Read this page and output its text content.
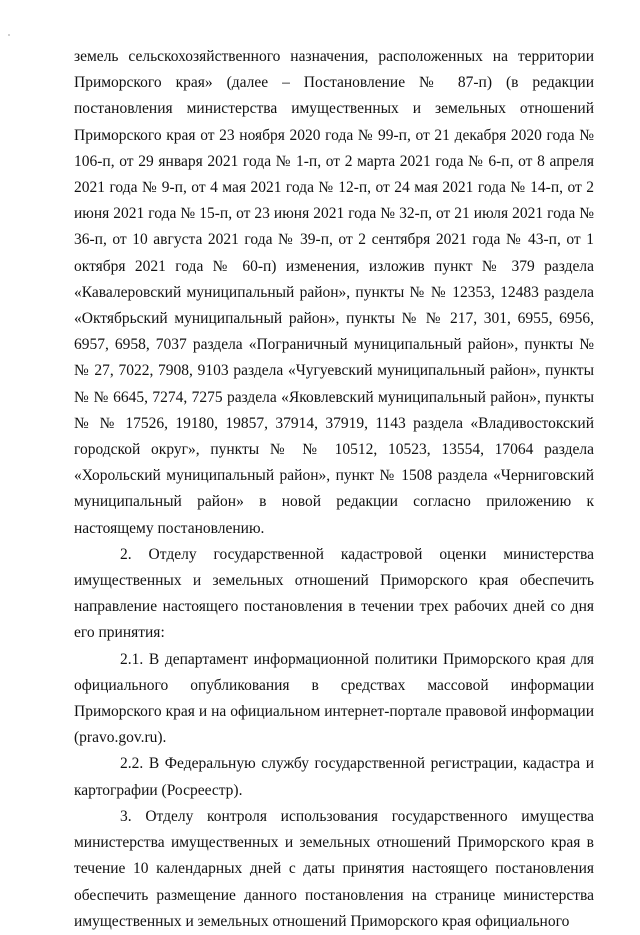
земель сельскохозяйственного назначения, расположенных на территории Приморского края» (далее – Постановление № 87-п) (в редакции постановления министерства имущественных и земельных отношений Приморского края от 23 ноября 2020 года № 99-п, от 21 декабря 2020 года № 106-п, от 29 января 2021 года № 1-п, от 2 марта 2021 года № 6-п, от 8 апреля 2021 года № 9-п, от 4 мая 2021 года № 12-п, от 24 мая 2021 года № 14-п, от 2 июня 2021 года № 15-п, от 23 июня 2021 года № 32-п, от 21 июля 2021 года № 36-п, от 10 августа 2021 года № 39-п, от 2 сентября 2021 года № 43-п, от 1 октября 2021 года № 60-п) изменения, изложив пункт № 379 раздела «Кавалеровский муниципальный район», пункты № № 12353, 12483 раздела «Октябрьский муниципальный район», пункты № № 217, 301, 6955, 6956, 6957, 6958, 7037 раздела «Пограничный муниципальный район», пункты № № 27, 7022, 7908, 9103 раздела «Чугуевский муниципальный район», пункты № № 6645, 7274, 7275 раздела «Яковлевский муниципальный район», пункты № № 17526, 19180, 19857, 37914, 37919, 1143 раздела «Владивостокский городской округ», пункты № № 10512, 10523, 13554, 17064 раздела «Хорольский муниципальный район», пункт № 1508 раздела «Черниговский муниципальный район» в новой редакции согласно приложению к настоящему постановлению.

2. Отделу государственной кадастровой оценки министерства имущественных и земельных отношений Приморского края обеспечить направление настоящего постановления в течении трех рабочих дней со дня его принятия:

2.1. В департамент информационной политики Приморского края для официального опубликования в средствах массовой информации Приморского края и на официальном интернет-портале правовой информации (pravo.gov.ru).

2.2. В Федеральную службу государственной регистрации, кадастра и картографии (Росреестр).

3. Отделу контроля использования государственного имущества министерства имущественных и земельных отношений Приморского края в течение 10 календарных дней с даты принятия настоящего постановления обеспечить размещение данного постановления на странице министерства имущественных и земельных отношений Приморского края официального
